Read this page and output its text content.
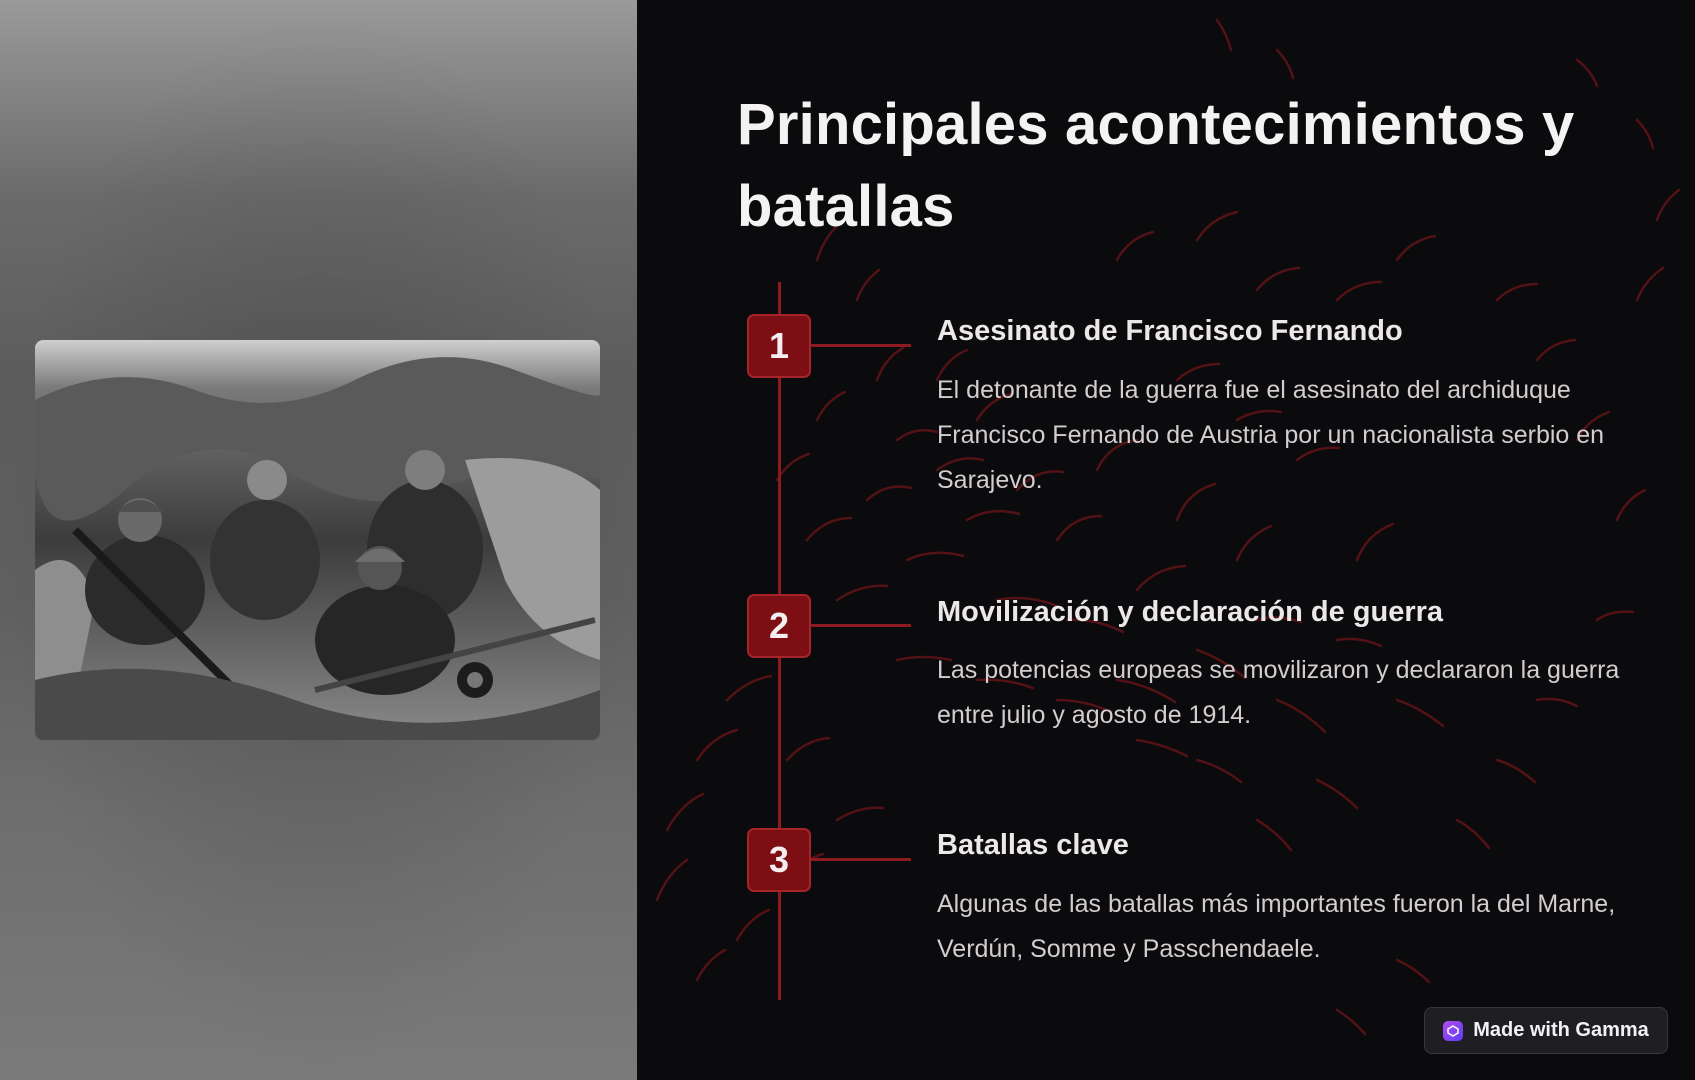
Principales acontecimientos y batallas
1	Asesinato de Francisco Fernando
El detonante de la guerra fue el asesinato del archiduque Francisco Fernando de Austria por un nacionalista serbio en Sarajevo.
2	Movilización y declaración de guerra
Las potencias europeas se movilizaron y declararon la guerra entre julio y agosto de 1914.
3	Batallas clave
Algunas de las batallas más importantes fueron la del Marne, Verdún, Somme y Passchendaele.
Made with Gamma
